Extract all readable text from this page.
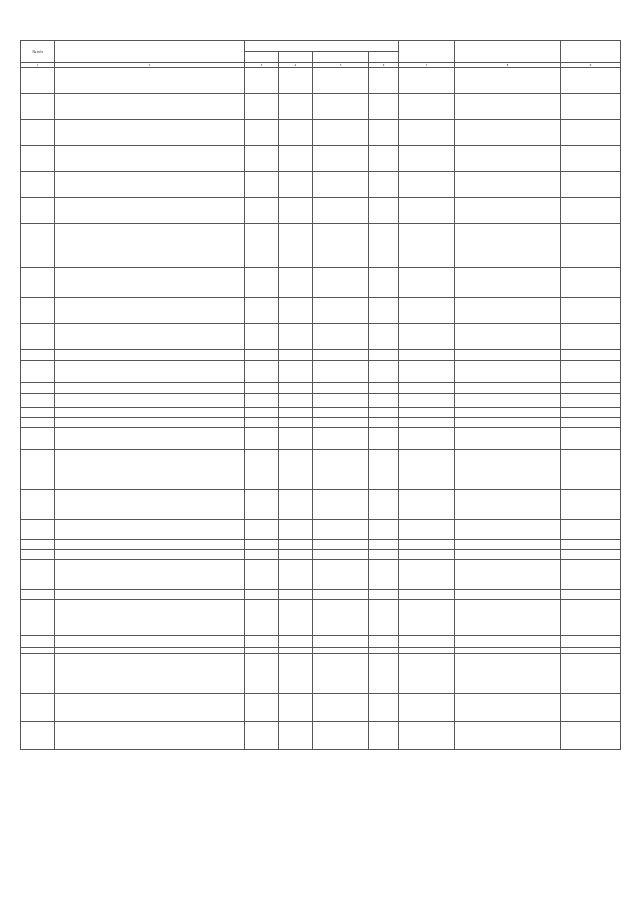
№ п/п								

1	2	3	4	5	6	7	8	9
